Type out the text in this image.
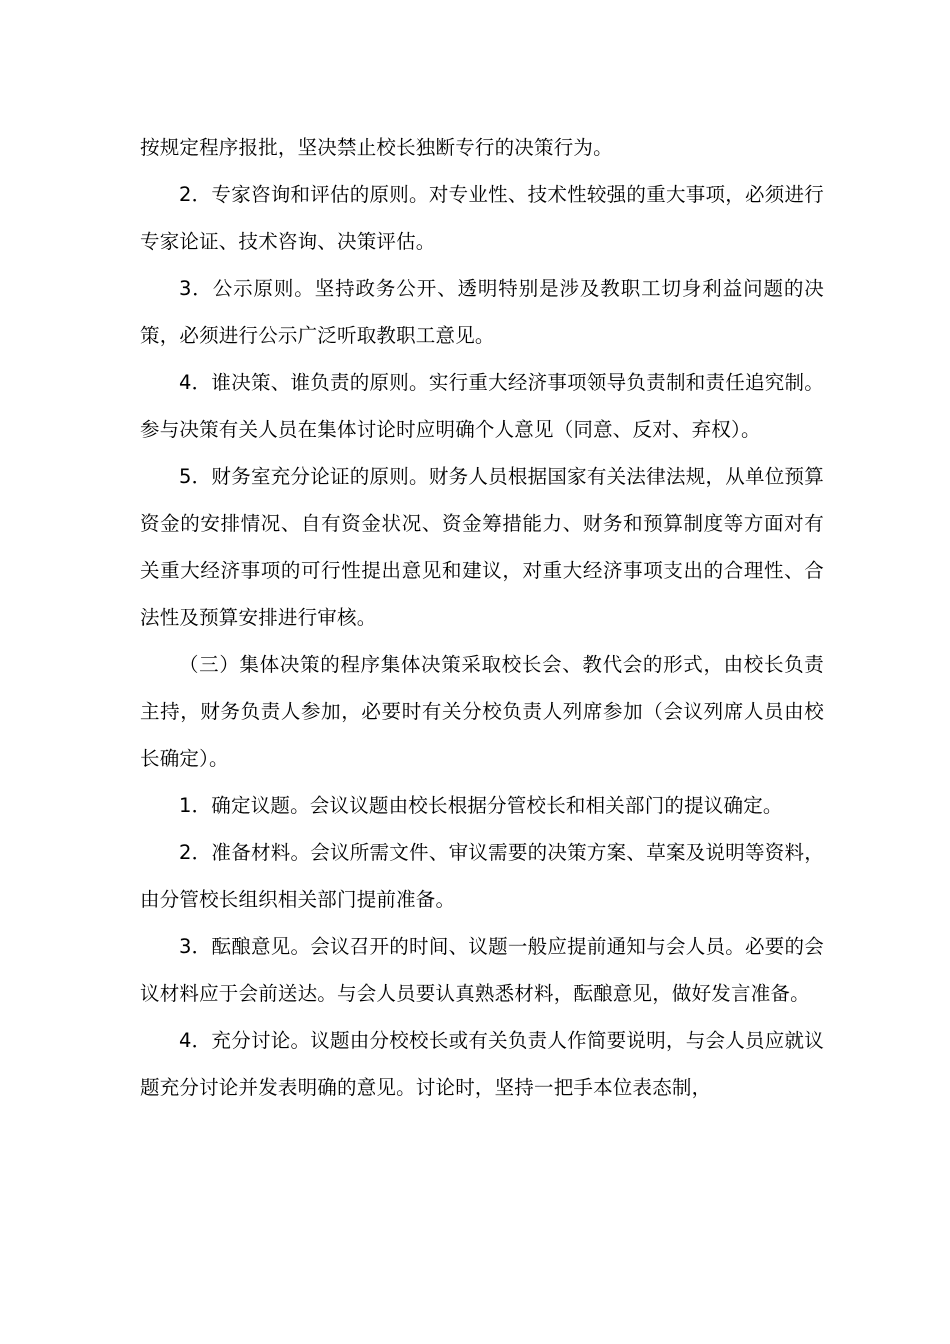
按规定程序报批，坚决禁止校长独断专行的决策行为。

2．专家咨询和评估的原则。对专业性、技术性较强的重大事项，必须进行专家论证、技术咨询、决策评估。

3．公示原则。坚持政务公开、透明特别是涉及教职工切身利益问题的决策，必须进行公示广泛听取教职工意见。

4．谁决策、谁负责的原则。实行重大经济事项领导负责制和责任追究制。参与决策有关人员在集体讨论时应明确个人意见（同意、反对、弃权）。

5．财务室充分论证的原则。财务人员根据国家有关法律法规，从单位预算资金的安排情况、自有资金状况、资金筹措能力、财务和预算制度等方面对有关重大经济事项的可行性提出意见和建议，对重大经济事项支出的合理性、合法性及预算安排进行审核。

（三）集体决策的程序集体决策采取校长会、教代会的形式，由校长负责主持，财务负责人参加，必要时有关分校负责人列席参加（会议列席人员由校长确定）。

1．确定议题。会议议题由校长根据分管校长和相关部门的提议确定。

2．准备材料。会议所需文件、审议需要的决策方案、草案及说明等资料，由分管校长组织相关部门提前准备。

3．酝酿意见。会议召开的时间、议题一般应提前通知与会人员。必要的会议材料应于会前送达。与会人员要认真熟悉材料，酝酿意见，做好发言准备。

4．充分讨论。议题由分校校长或有关负责人作简要说明，与会人员应就议题充分讨论并发表明确的意见。讨论时，坚持一把手本位表态制，
